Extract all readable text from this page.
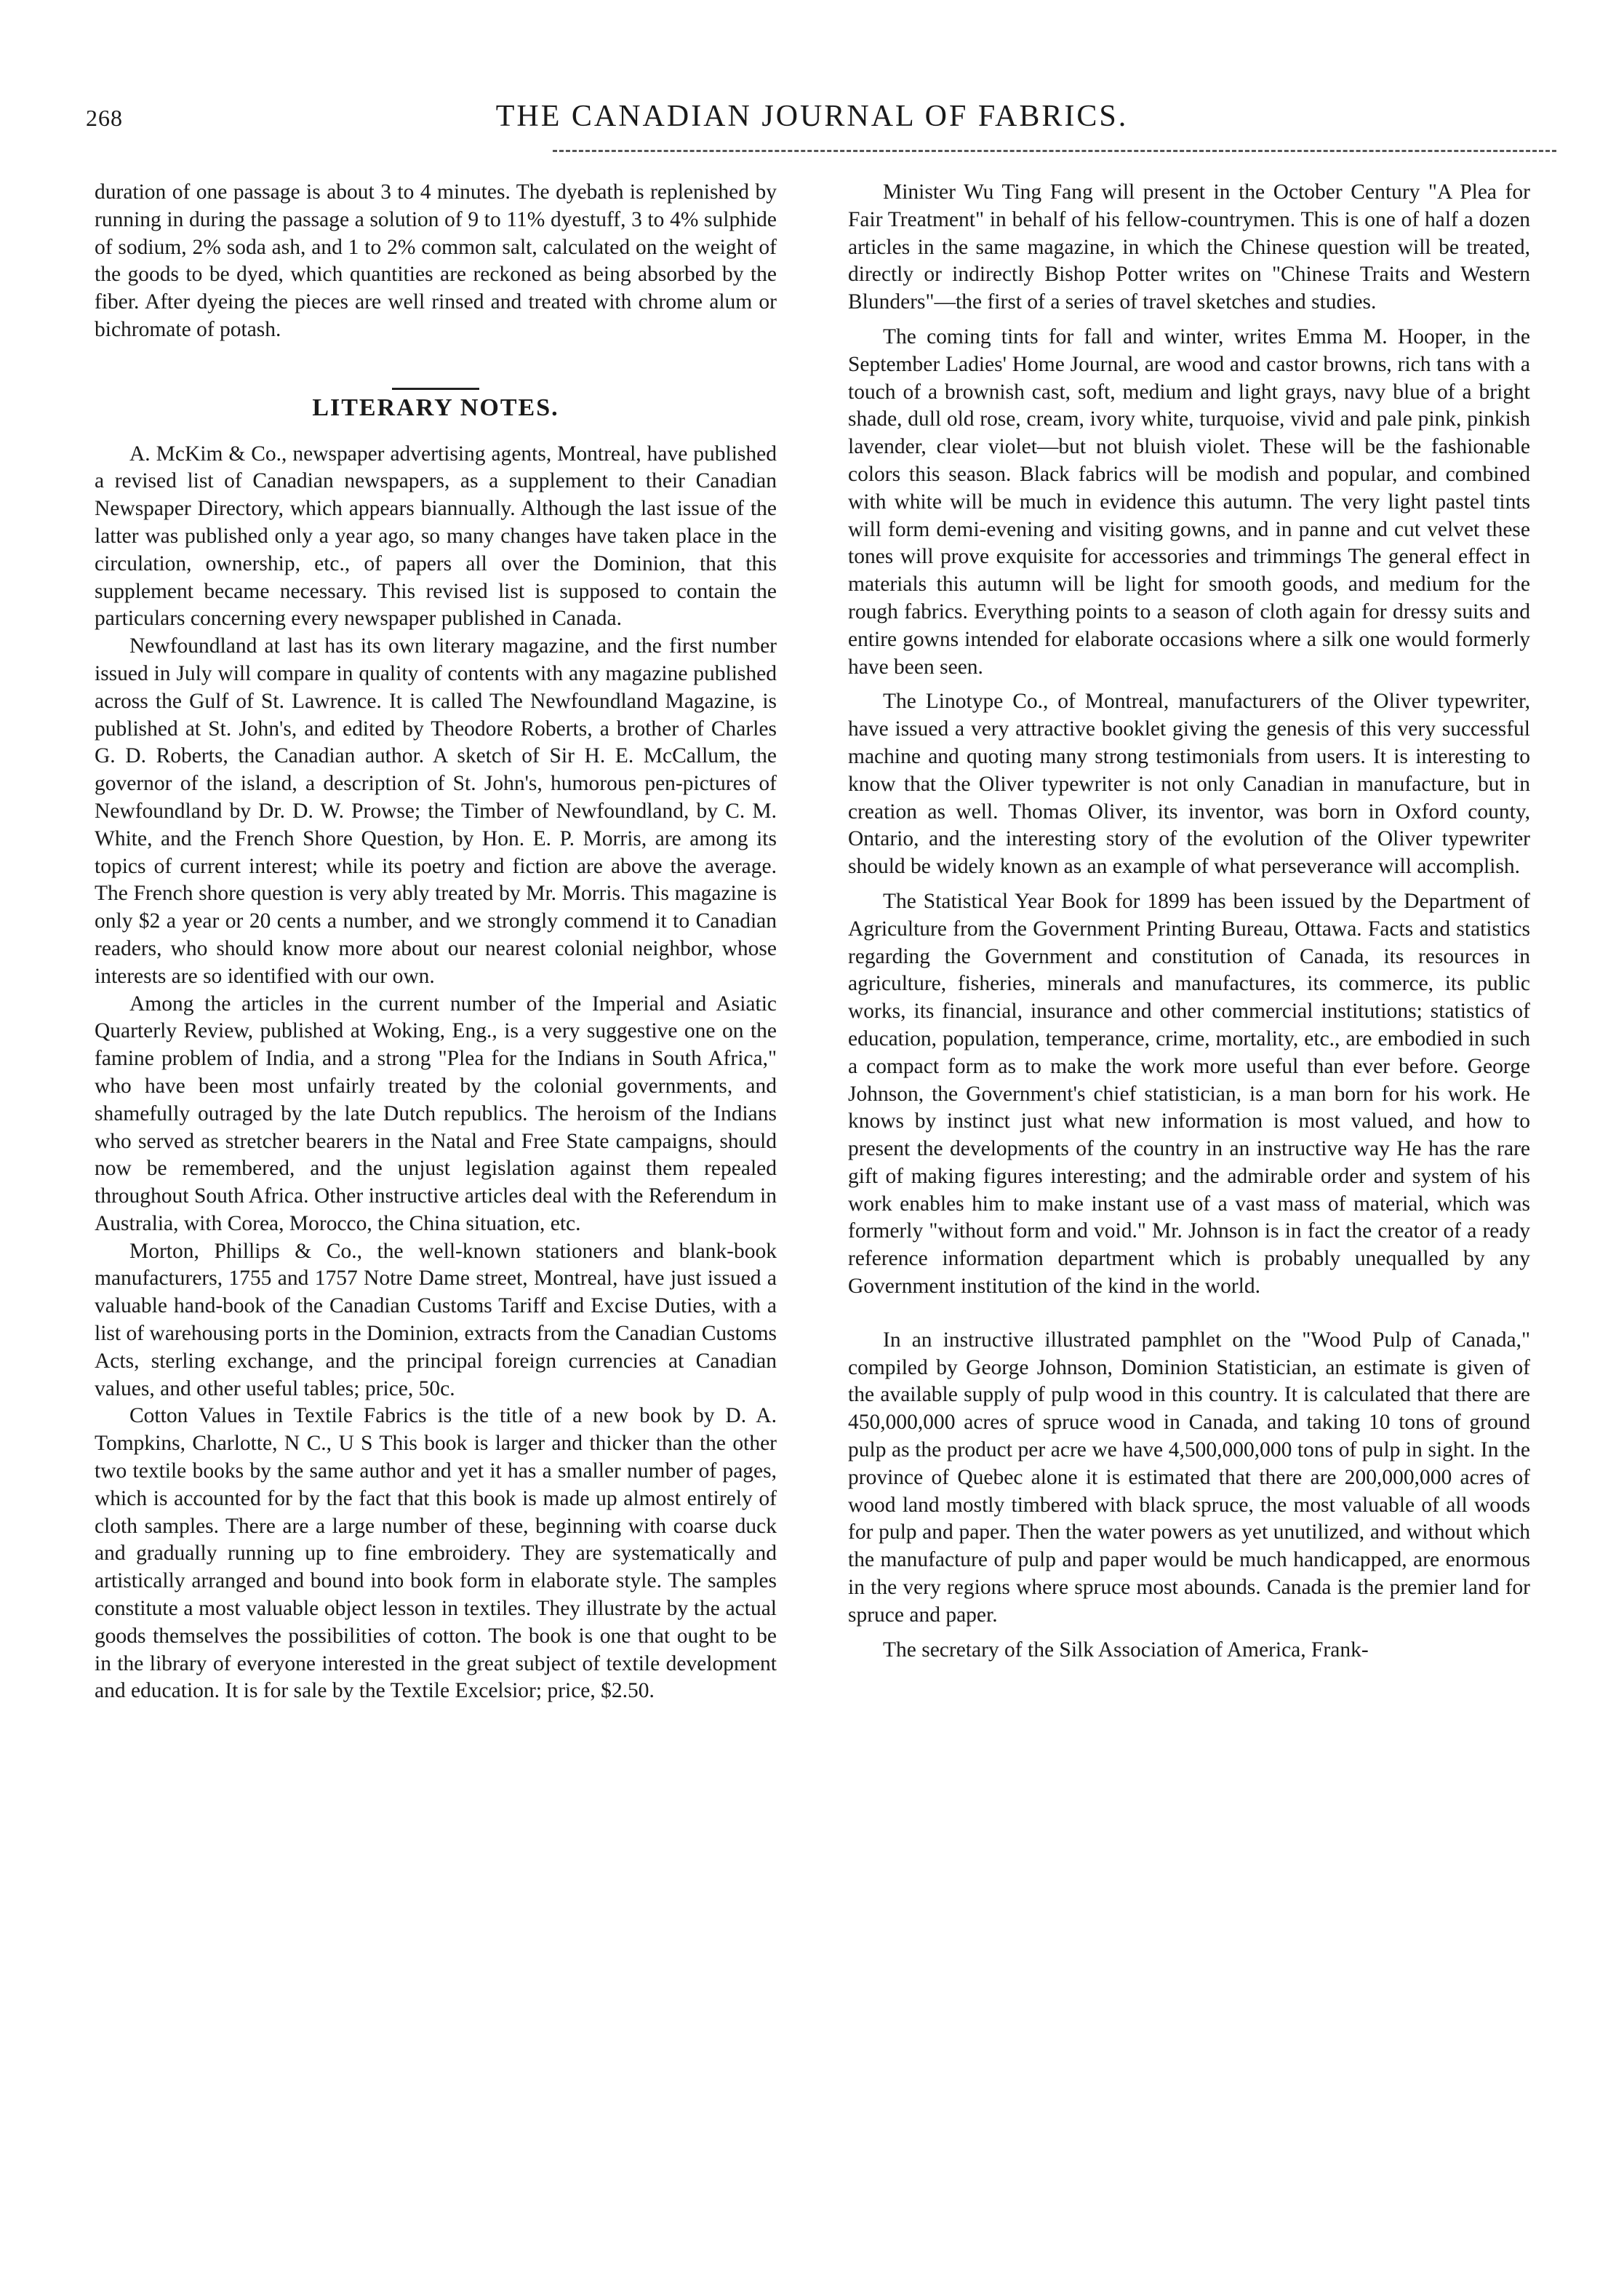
268	THE CANADIAN JOURNAL OF FABRICS.

duration of one passage is about 3 to 4 minutes. The dyebath is replenished by running in during the passage a solution of 9 to 11% dyestuff, 3 to 4% sulphide of sodium, 2% soda ash, and 1 to 2% common salt, calculated on the weight of the goods to be dyed, which quantities are reckoned as being absorbed by the fiber. After dyeing the pieces are well rinsed and treated with chrome alum or bichromate of potash.

LITERARY NOTES.

A. McKim & Co., newspaper advertising agents, Montreal, have published a revised list of Canadian newspapers, as a supplement to their Canadian Newspaper Directory, which appears biannually. Although the last issue of the latter was published only a year ago, so many changes have taken place in the circulation, ownership, etc., of papers all over the Dominion, that this supplement became necessary. This revised list is supposed to contain the particulars concerning every newspaper published in Canada.

Newfoundland at last has its own literary magazine, and the first number issued in July will compare in quality of contents with any magazine published across the Gulf of St. Lawrence. It is called The Newfoundland Magazine, is published at St. John's, and edited by Theodore Roberts, a brother of Charles G. D. Roberts, the Canadian author. A sketch of Sir H. E. McCallum, the governor of the island, a description of St. John's, humorous pen-pictures of Newfoundland by Dr. D. W. Prowse; the Timber of Newfoundland, by C. M. White, and the French Shore Question, by Hon. E. P. Morris, are among its topics of current interest; while its poetry and fiction are above the average. The French shore question is very ably treated by Mr. Morris. This magazine is only $2 a year or 20 cents a number, and we strongly commend it to Canadian readers, who should know more about our nearest colonial neighbor, whose interests are so identified with our own.

Among the articles in the current number of the Imperial and Asiatic Quarterly Review, published at Woking, Eng., is a very suggestive one on the famine problem of India, and a strong "Plea for the Indians in South Africa," who have been most unfairly treated by the colonial governments, and shamefully outraged by the late Dutch republics. The heroism of the Indians who served as stretcher bearers in the Natal and Free State campaigns, should now be remembered, and the unjust legislation against them repealed throughout South Africa. Other instructive articles deal with the Referendum in Australia, with Corea, Morocco, the China situation, etc.

Morton, Phillips & Co., the well-known stationers and blank-book manufacturers, 1755 and 1757 Notre Dame street, Montreal, have just issued a valuable hand-book of the Canadian Customs Tariff and Excise Duties, with a list of warehousing ports in the Dominion, extracts from the Canadian Customs Acts, sterling exchange, and the principal foreign currencies at Canadian values, and other useful tables; price, 50c.

Cotton Values in Textile Fabrics is the title of a new book by D. A. Tompkins, Charlotte, N C., U S This book is larger and thicker than the other two textile books by the same author and yet it has a smaller number of pages, which is accounted for by the fact that this book is made up almost entirely of cloth samples. There are a large number of these, beginning with coarse duck and gradually running up to fine embroidery. They are systematically and artistically arranged and bound into book form in elaborate style. The samples constitute a most valuable object lesson in textiles. They illustrate by the actual goods themselves the possibilities of cotton. The book is one that ought to be in the library of everyone interested in the great subject of textile development and education. It is for sale by the Textile Excelsior; price, $2.50.

Minister Wu Ting Fang will present in the October Century "A Plea for Fair Treatment" in behalf of his fellow-countrymen. This is one of half a dozen articles in the same magazine, in which the Chinese question will be treated, directly or indirectly Bishop Potter writes on "Chinese Traits and Western Blunders"—the first of a series of travel sketches and studies.

The coming tints for fall and winter, writes Emma M. Hooper, in the September Ladies' Home Journal, are wood and castor browns, rich tans with a touch of a brownish cast, soft, medium and light grays, navy blue of a bright shade, dull old rose, cream, ivory white, turquoise, vivid and pale pink, pinkish lavender, clear violet—but not bluish violet. These will be the fashionable colors this season. Black fabrics will be modish and popular, and combined with white will be much in evidence this autumn. The very light pastel tints will form demi-evening and visiting gowns, and in panne and cut velvet these tones will prove exquisite for accessories and trimmings The general effect in materials this autumn will be light for smooth goods, and medium for the rough fabrics. Everything points to a season of cloth again for dressy suits and entire gowns intended for elaborate occasions where a silk one would formerly have been seen.

The Linotype Co., of Montreal, manufacturers of the Oliver typewriter, have issued a very attractive booklet giving the genesis of this very successful machine and quoting many strong testimonials from users. It is interesting to know that the Oliver typewriter is not only Canadian in manufacture, but in creation as well. Thomas Oliver, its inventor, was born in Oxford county, Ontario, and the interesting story of the evolution of the Oliver typewriter should be widely known as an example of what perseverance will accomplish.

The Statistical Year Book for 1899 has been issued by the Department of Agriculture from the Government Printing Bureau, Ottawa. Facts and statistics regarding the Government and constitution of Canada, its resources in agriculture, fisheries, minerals and manufactures, its commerce, its public works, its financial, insurance and other commercial institutions; statistics of education, population, temperance, crime, mortality, etc., are embodied in such a compact form as to make the work more useful than ever before. George Johnson, the Government's chief statistician, is a man born for his work. He knows by instinct just what new information is most valued, and how to present the developments of the country in an instructive way He has the rare gift of making figures interesting; and the admirable order and system of his work enables him to make instant use of a vast mass of material, which was formerly "without form and void." Mr. Johnson is in fact the creator of a ready reference information department which is probably unequalled by any Government institution of the kind in the world.

In an instructive illustrated pamphlet on the "Wood Pulp of Canada," compiled by George Johnson, Dominion Statistician, an estimate is given of the available supply of pulp wood in this country. It is calculated that there are 450,000,000 acres of spruce wood in Canada, and taking 10 tons of ground pulp as the product per acre we have 4,500,000,000 tons of pulp in sight. In the province of Quebec alone it is estimated that there are 200,000,000 acres of wood land mostly timbered with black spruce, the most valuable of all woods for pulp and paper. Then the water powers as yet unutilized, and without which the manufacture of pulp and paper would be much handicapped, are enormous in the very regions where spruce most abounds. Canada is the premier land for spruce and paper.

The secretary of the Silk Association of America, Frank-
